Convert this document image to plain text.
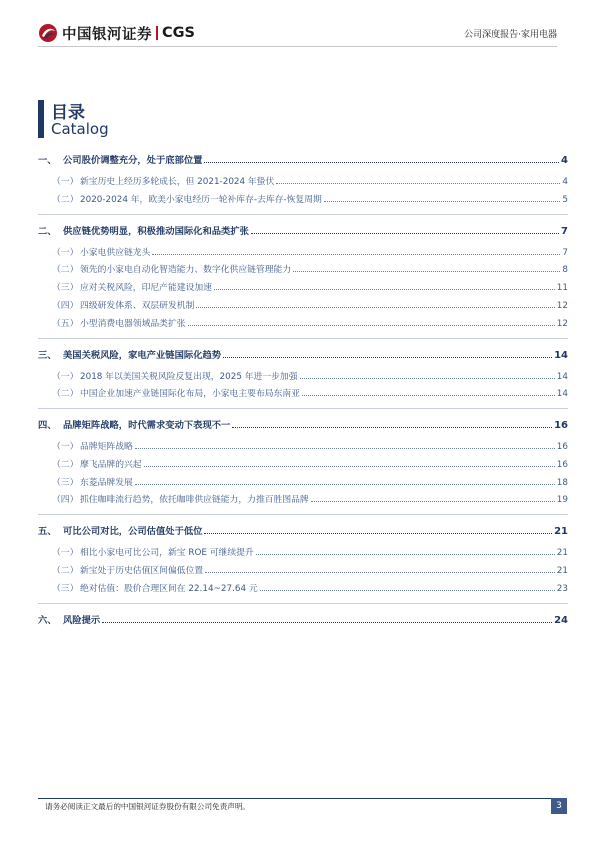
中国银河证券 CGS	公司深度报告·家用电器
目录
Catalog
一、 公司股价调整充分，处于底部位置	4
（一） 新宝历史上经历多轮成长，但 2021-2024 年蛰伏	4
（二） 2020-2024 年，欧美小家电经历一轮补库存-去库存-恢复周期	5
二、 供应链优势明显，积极推动国际化和品类扩张	7
（一） 小家电供应链龙头	7
（二） 领先的小家电自动化智造能力、数字化供应链管理能力	8
（三） 应对关税风险，印尼产能建设加速	11
（四） 四级研发体系、双层研发机制	12
（五） 小型消费电器领域品类扩张	12
三、 美国关税风险，家电产业链国际化趋势	14
（一） 2018 年以美国关税风险反复出现，2025 年进一步加强	14
（二） 中国企业加速产业链国际化布局，小家电主要布局东南亚	14
四、 品牌矩阵战略，时代需求变动下表现不一	16
（一） 品牌矩阵战略	16
（二） 摩飞品牌的兴起	16
（三） 东菱品牌发展	18
（四） 抓住咖啡流行趋势，依托咖啡供应链能力，力推百胜图品牌	19
五、 可比公司对比，公司估值处于低位	21
（一） 相比小家电可比公司，新宝 ROE 可继续提升	21
（二） 新宝处于历史估值区间偏低位置	21
（三） 绝对估值：股价合理区间在 22.14~27.64 元	23
六、 风险提示	24
请务必阅读正文最后的中国银河证券股份有限公司免责声明。	3
